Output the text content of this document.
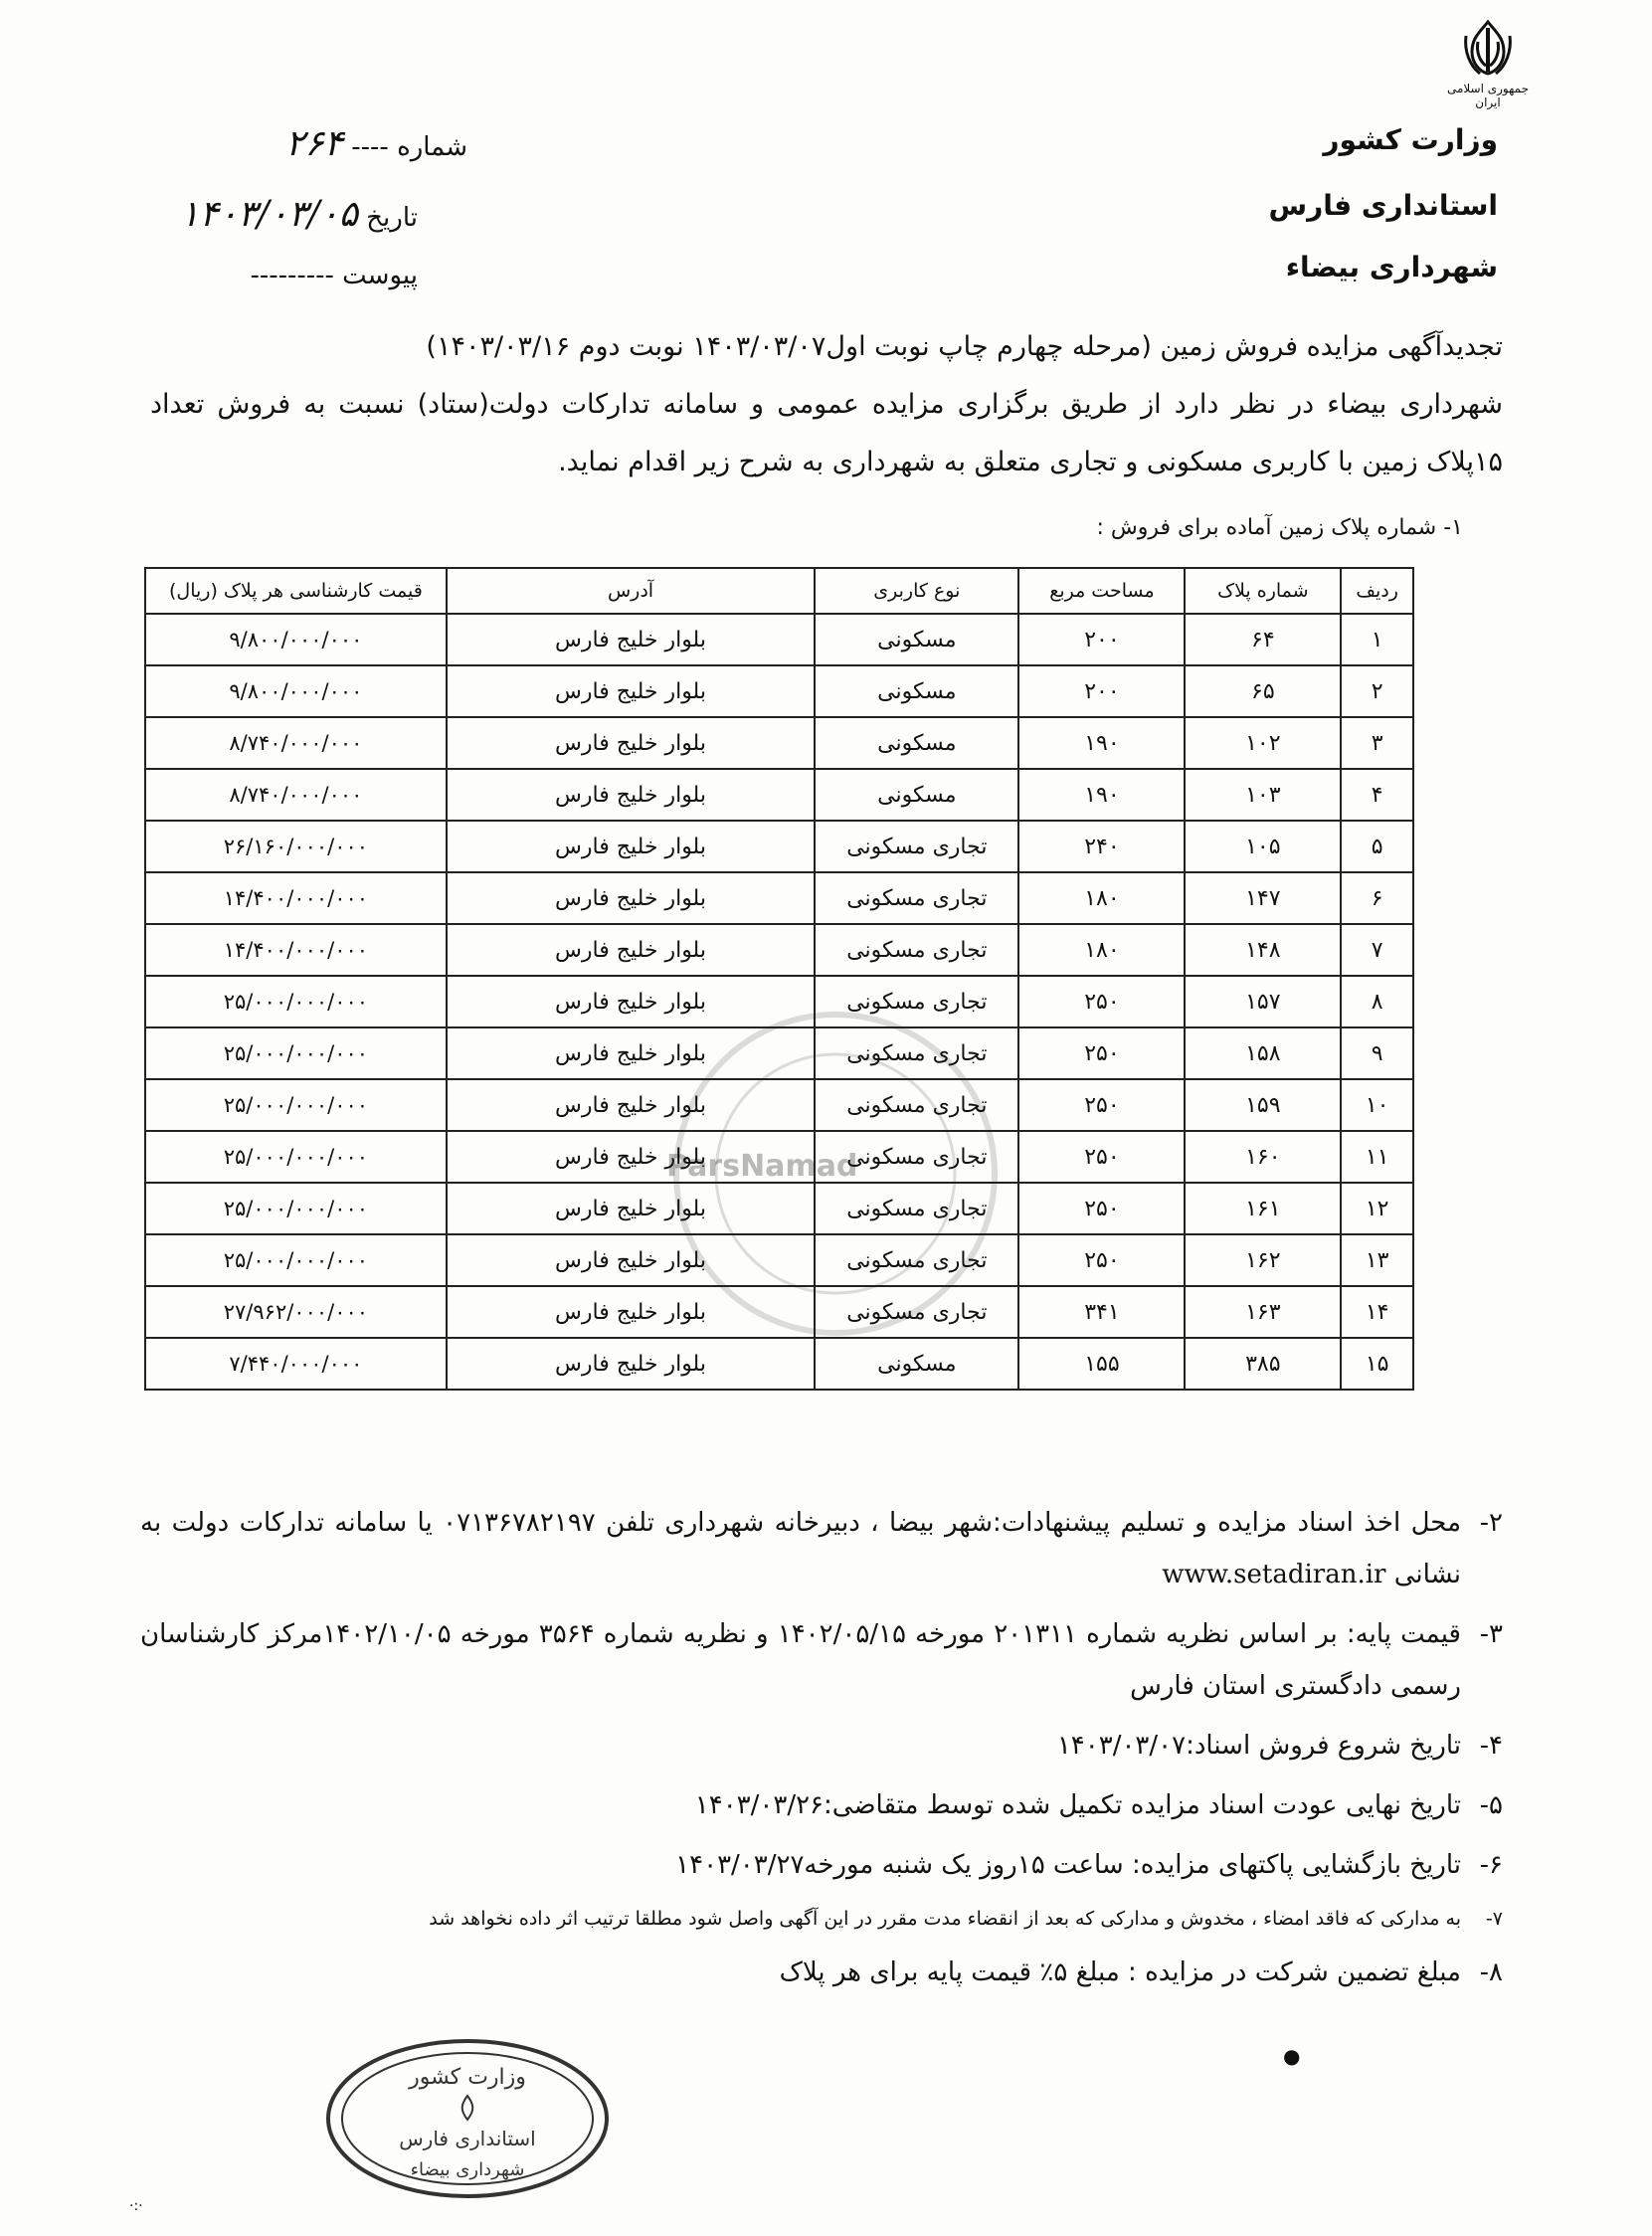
جمهوری اسلامی ایران
وزارت کشور
استانداری فارس
شهرداری بیضاء
شماره ---- ۲۶۴
تاریخ ۱۴۰۳/۰۳/۰۵
پیوست ---------
تجدیدآگهی مزایده فروش زمین (مرحله چهارم چاپ نوبت اول۱۴۰۳/۰۳/۰۷ نوبت دوم ۱۴۰۳/۰۳/۱۶)
شهرداری بیضاء در نظر دارد از طریق برگزاری مزایده عمومی و سامانه تدارکات دولت(ستاد) نسبت به فروش تعداد ۱۵پلاک زمین با کاربری مسکونی و تجاری متعلق به شهرداری به شرح زیر اقدام نماید.
۱- شماره پلاک زمین آماده برای فروش :
ParsNamad
ردیف	شماره پلاک	مساحت مربع	نوع کاربری	آدرس	قیمت کارشناسی هر پلاک (ریال)
۱	۶۴	۲۰۰	مسکونی	بلوار خلیج فارس	۹/۸۰۰/۰۰۰/۰۰۰
۲	۶۵	۲۰۰	مسکونی	بلوار خلیج فارس	۹/۸۰۰/۰۰۰/۰۰۰
۳	۱۰۲	۱۹۰	مسکونی	بلوار خلیج فارس	۸/۷۴۰/۰۰۰/۰۰۰
۴	۱۰۳	۱۹۰	مسکونی	بلوار خلیج فارس	۸/۷۴۰/۰۰۰/۰۰۰
۵	۱۰۵	۲۴۰	تجاری مسکونی	بلوار خلیج فارس	۲۶/۱۶۰/۰۰۰/۰۰۰
۶	۱۴۷	۱۸۰	تجاری مسکونی	بلوار خلیج فارس	۱۴/۴۰۰/۰۰۰/۰۰۰
۷	۱۴۸	۱۸۰	تجاری مسکونی	بلوار خلیج فارس	۱۴/۴۰۰/۰۰۰/۰۰۰
۸	۱۵۷	۲۵۰	تجاری مسکونی	بلوار خلیج فارس	۲۵/۰۰۰/۰۰۰/۰۰۰
۹	۱۵۸	۲۵۰	تجاری مسکونی	بلوار خلیج فارس	۲۵/۰۰۰/۰۰۰/۰۰۰
۱۰	۱۵۹	۲۵۰	تجاری مسکونی	بلوار خلیج فارس	۲۵/۰۰۰/۰۰۰/۰۰۰
۱۱	۱۶۰	۲۵۰	تجاری مسکونی	بلوار خلیج فارس	۲۵/۰۰۰/۰۰۰/۰۰۰
۱۲	۱۶۱	۲۵۰	تجاری مسکونی	بلوار خلیج فارس	۲۵/۰۰۰/۰۰۰/۰۰۰
۱۳	۱۶۲	۲۵۰	تجاری مسکونی	بلوار خلیج فارس	۲۵/۰۰۰/۰۰۰/۰۰۰
۱۴	۱۶۳	۳۴۱	تجاری مسکونی	بلوار خلیج فارس	۲۷/۹۶۲/۰۰۰/۰۰۰
۱۵	۳۸۵	۱۵۵	مسکونی	بلوار خلیج فارس	۷/۴۴۰/۰۰۰/۰۰۰
۲-
محل اخذ اسناد مزایده و تسلیم پیشنهادات:شهر بیضا ، دبیرخانه شهرداری تلفن ۰۷۱۳۶۷۸۲۱۹۷ یا سامانه تدارکات دولت به نشانی www.setadiran.ir
۳-
قیمت پایه: بر اساس نظریه شماره ۲۰۱۳۱۱ مورخه ۱۴۰۲/۰۵/۱۵ و نظریه شماره ۳۵۶۴ مورخه ۱۴۰۲/۱۰/۰۵مرکز کارشناسان رسمی دادگستری استان فارس
۴-
تاریخ شروع فروش اسناد:۱۴۰۳/۰۳/۰۷
۵-
تاریخ نهایی عودت اسناد مزایده تکمیل شده توسط متقاضی:۱۴۰۳/۰۳/۲۶
۶-
تاریخ بازگشایی پاکتهای مزایده: ساعت ۱۵روز یک شنبه مورخه۱۴۰۳/۰۳/۲۷
۷-
به مدارکی که فاقد امضاء ، مخدوش و مدارکی که بعد از انقضاء مدت مقرر در این آگهی واصل شود مطلقا ترتیب اثر داده نخواهد شد
۸-
مبلغ تضمین شرکت در مزایده : مبلغ ۵٪ قیمت پایه برای هر پلاک
وزارت کشور
استانداری فارس
شهرداری بیضاء
●
·:·
